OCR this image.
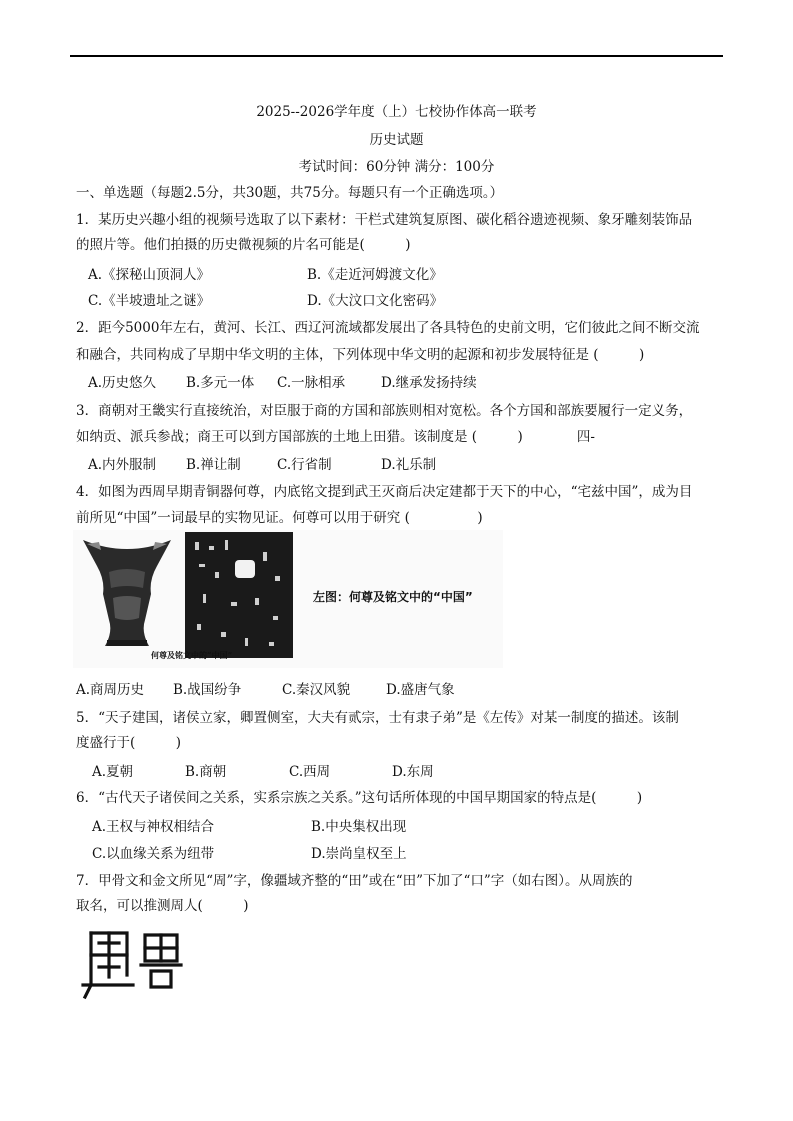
2025--2026学年度（上）七校协作体高一联考
历史试题
考试时间：60分钟 满分：100分
一、单选题（每题2.5分，共30题，共75分。每题只有一个正确选项。）
1．某历史兴趣小组的视频号选取了以下素材：干栏式建筑复原图、碳化稻谷遗迹视频、象牙雕刻装饰品
的照片等。他们拍摄的历史微视频的片名可能是(　　　)
A.《探秘山顶洞人》	B.《走近河姆渡文化》
C.《半坡遗址之谜》	D.《大汶口文化密码》
2．距今5000年左右，黄河、长江、西辽河流域都发展出了各具特色的史前文明，它们彼此之间不断交流
和融合，共同构成了早期中华文明的主体，下列体现中华文明的起源和初步发展特征是 (　　　)
A.历史悠久 B.多元一体 C.一脉相承	D.继承发扬持续
3．商朝对王畿实行直接统治，对臣服于商的方国和部族则相对宽松。各个方国和部族要履行一定义务，
如纳贡、派兵参战；商王可以到方国部族的土地上田猎。该制度是 (　　　)　　　　四-
A.内外服制 B.禅让制	C.行省制	D.礼乐制
4．如图为西周早期青铜器何尊，内底铭文提到武王灭商后决定建都于天下的中心，“宅兹中国”，成为目
前所见“中国”一词最早的实物见证。何尊可以用于研究 (　　　　　)
何尊及铭文中的“中国”
左图：何尊及铭文中的“中国”
A.商周历史 B.战国纷争	C.秦汉风貌	D.盛唐气象
5．“天子建国，诸侯立家，卿置侧室，大夫有贰宗，士有隶子弟”是《左传》对某一制度的描述。该制
度盛行于(　　　)
A.夏朝	B.商朝	C.西周	D.东周
6．“古代天子诸侯间之关系，实系宗族之关系。”这句话所体现的中国早期国家的特点是(　　　)
A.王权与神权相结合	B.中央集权出现
C.以血缘关系为纽带	D.崇尚皇权至上
7．甲骨文和金文所见“周”字，像疆域齐整的“田”或在“田”下加了“口”字（如右图）。从周族的
取名，可以推测周人(　　　)
